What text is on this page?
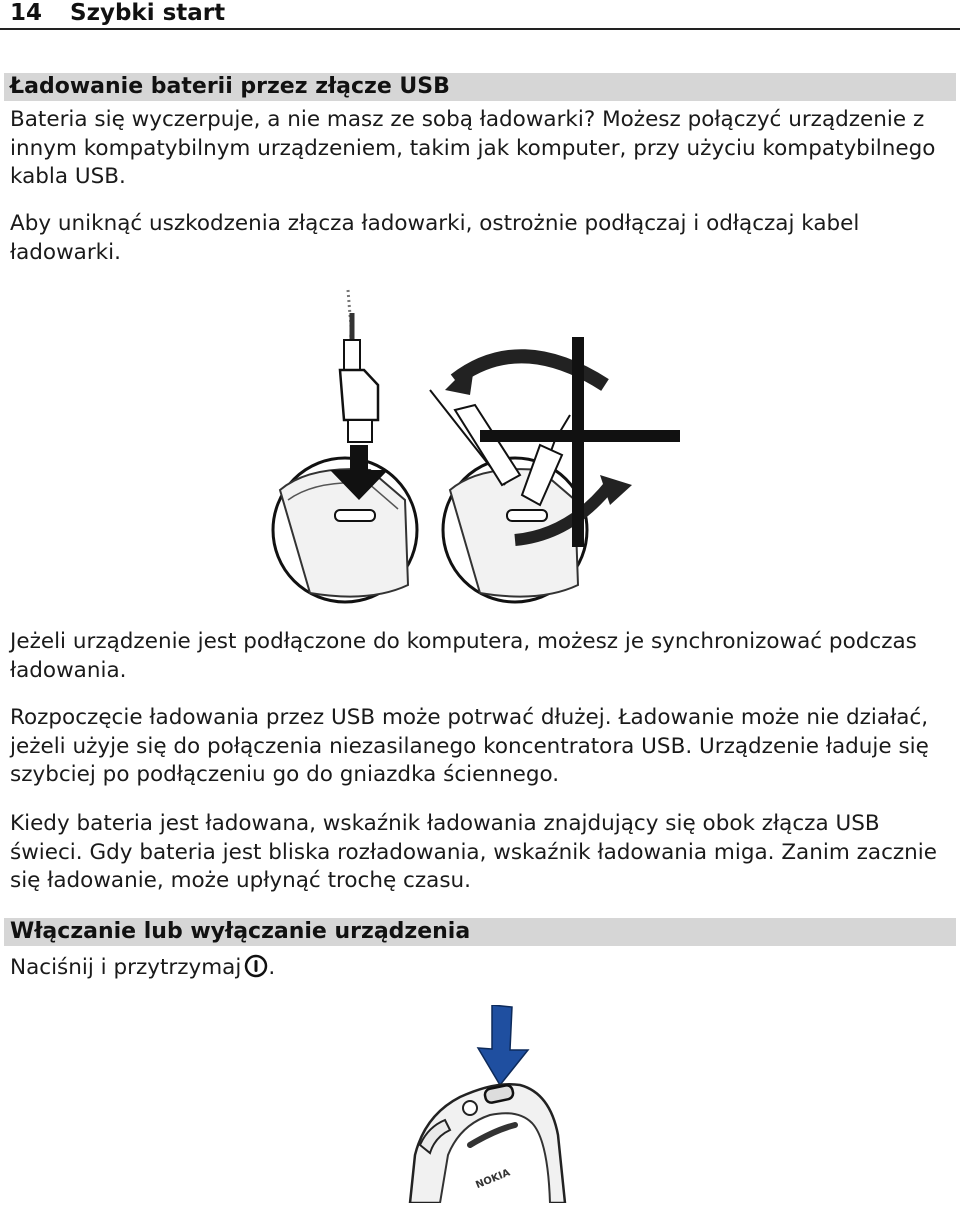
14 Szybki start
Ładowanie baterii przez złącze USB

Bateria się wyczerpuje, a nie masz ze sobą ładowarki? Możesz połączyć urządzenie z innym kompatybilnym urządzeniem, takim jak komputer, przy użyciu kompatybilnego kabla USB.

Aby uniknąć uszkodzenia złącza ładowarki, ostrożnie podłączaj i odłączaj kabel ładowarki.

Jeżeli urządzenie jest podłączone do komputera, możesz je synchronizować podczas ładowania.

Rozpoczęcie ładowania przez USB może potrwać dłużej. Ładowanie może nie działać, jeżeli użyje się do połączenia niezasilanego koncentratora USB. Urządzenie ładuje się szybciej po podłączeniu go do gniazdka ściennego.

Kiedy bateria jest ładowana, wskaźnik ładowania znajdujący się obok złącza USB świeci. Gdy bateria jest bliska rozładowania, wskaźnik ładowania miga. Zanim zacznie się ładowanie, może upłynąć trochę czasu.

Włączanie lub wyłączanie urządzenia

Naciśnij i przytrzymaj .

NOKIA
